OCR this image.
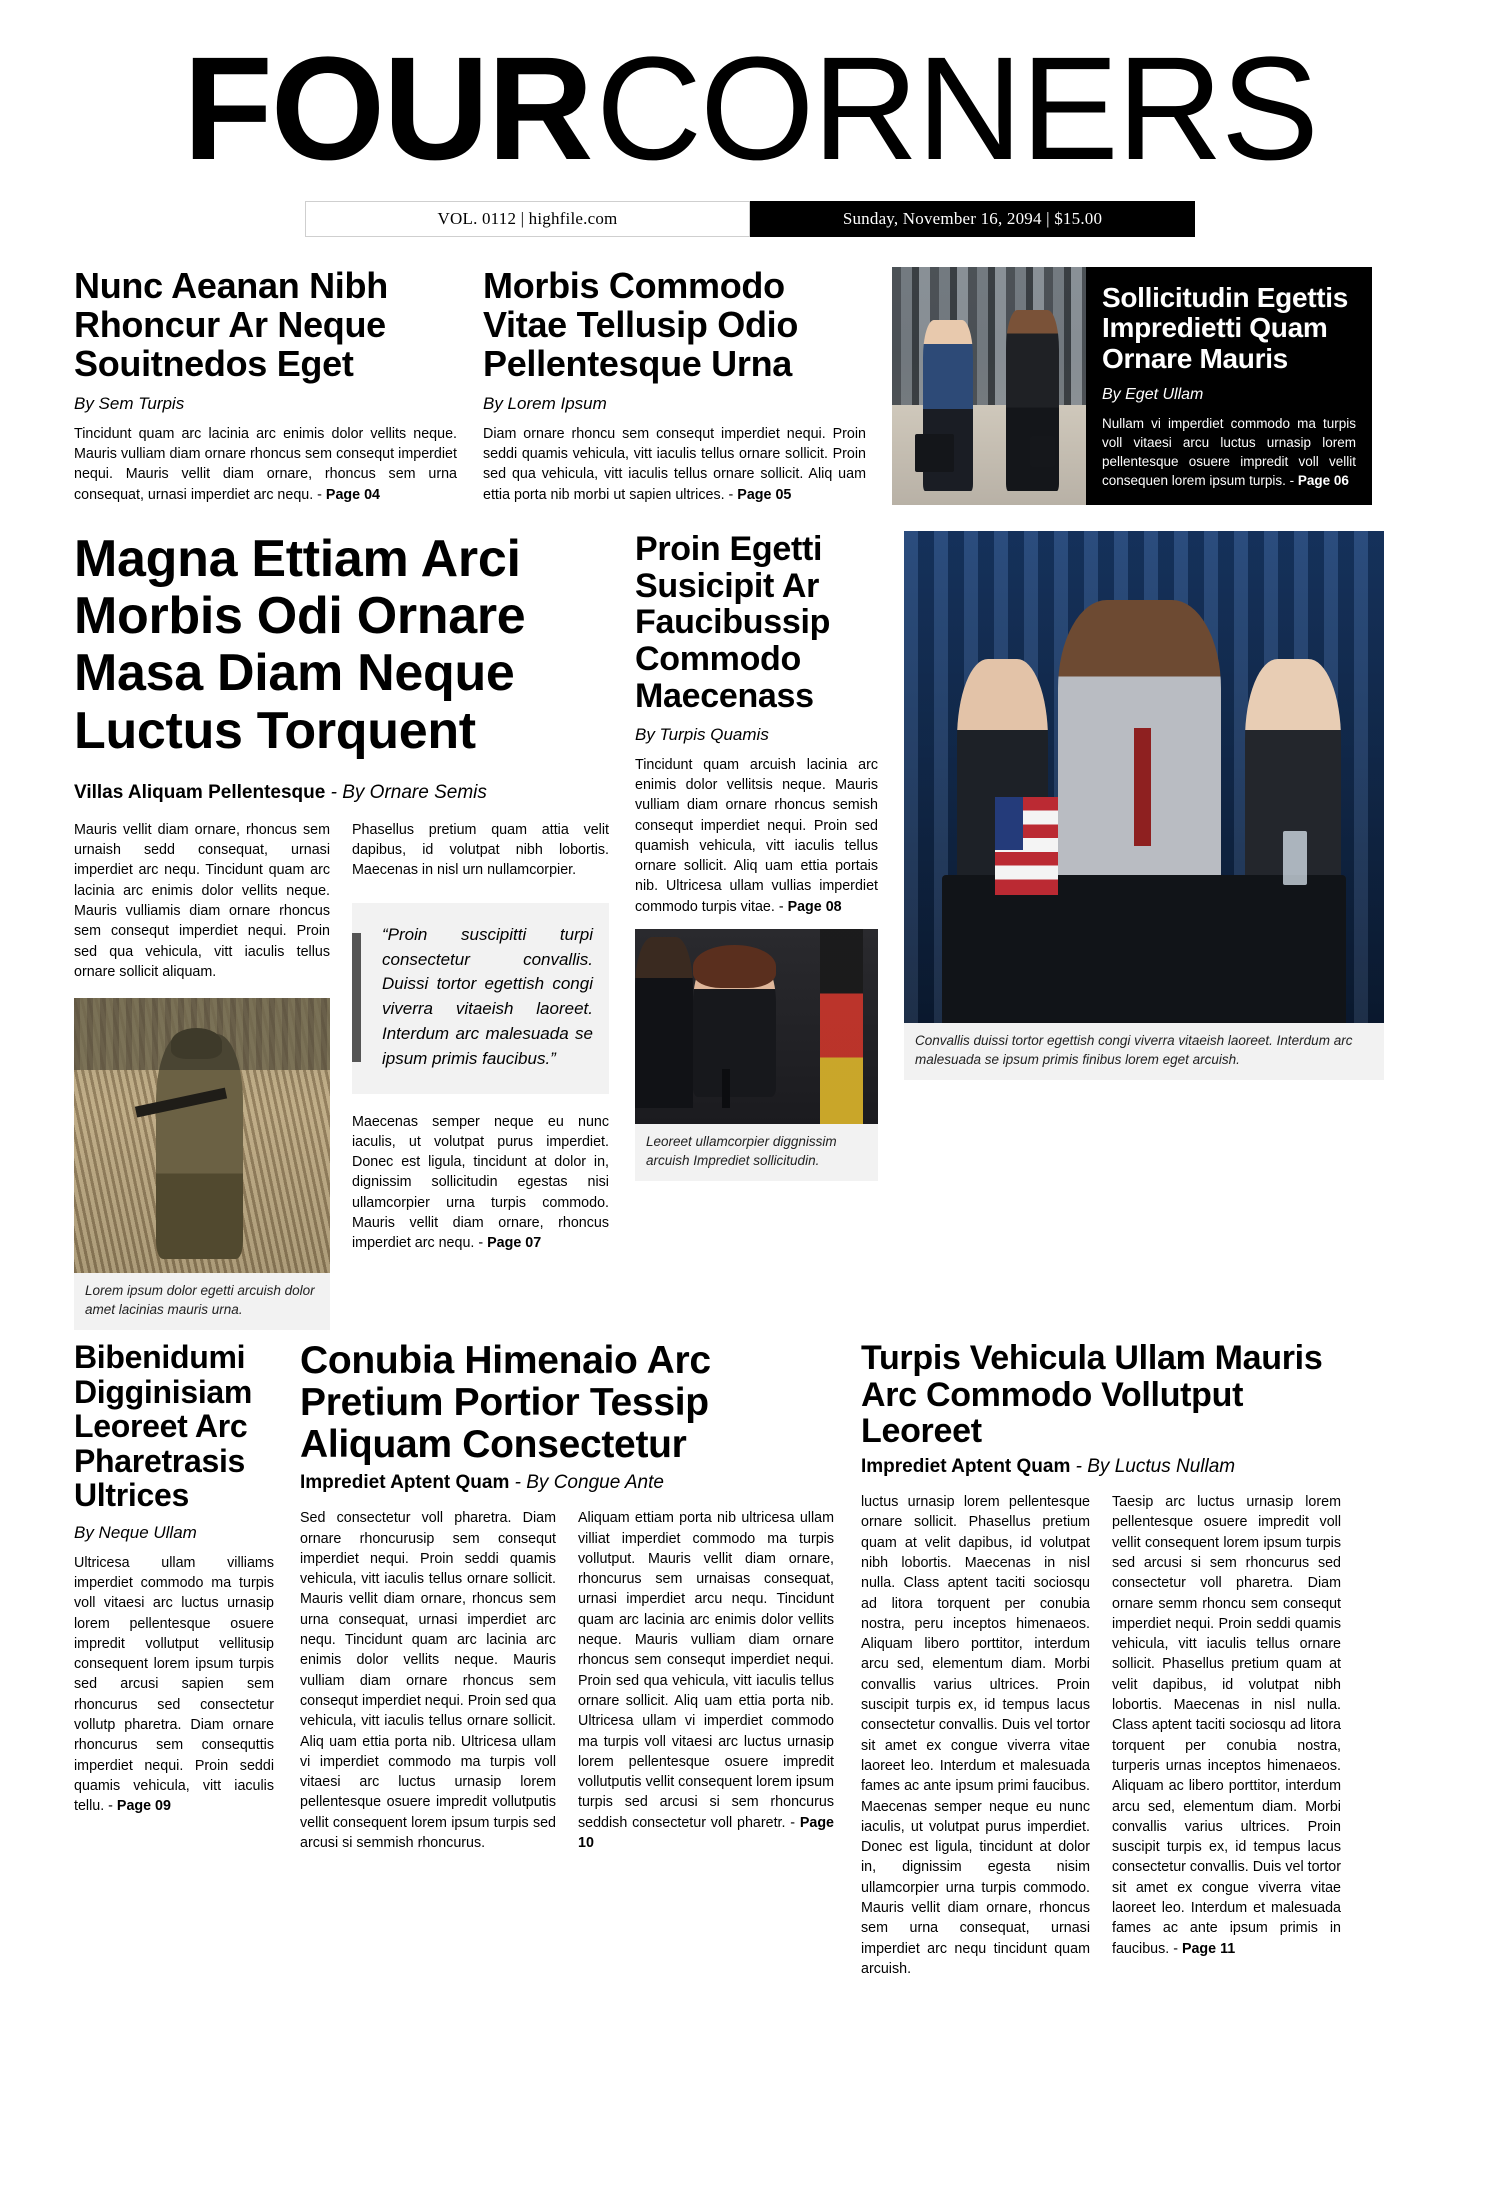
FOUR CORNERS
VOL. 0112 | highfile.com	Sunday, November 16, 2094 | $15.00
Nunc Aeanan Nibh Rhoncur Ar Neque Souitnedos Eget
By Sem Turpis

Tincidunt quam arc lacinia arc enimis dolor vellits neque. Mauris vulliam diam ornare rhoncus sem consequt imperdiet nequi. Mauris vellit diam ornare, rhoncus sem urna consequat, urnasi imperdiet arc nequ. - Page 04

Morbis Commodo Vitae Tellusip Odio Pellentesque Urna
By Lorem Ipsum

Diam ornare rhoncu sem consequt imperdiet nequi. Proin seddi quamis vehicula, vitt iaculis tellus ornare sollicit. Proin sed qua vehicula, vitt iaculis tellus ornare sollicit. Aliq uam ettia porta nib morbi ut sapien ultrices. - Page 05

Sollicitudin Egettis Impredietti Quam Ornare Mauris
By Eget Ullam

Nullam vi imperdiet commodo ma turpis voll vitaesi arcu luctus urnasip lorem pellentesque osuere impredit voll vellit consequen lorem ipsum turpis. - Page 06

Magna Ettiam Arci Morbis Odi Ornare Masa Diam Neque Luctus Torquent
Villas Aliquam Pellentesque - By Ornare Semis

Mauris vellit diam ornare, rhoncus sem urnaish sedd consequat, urnasi imperdiet arc nequ. Tincidunt quam arc lacinia arc enimis dolor vellits neque. Mauris vulliamis diam ornare rhoncus sem consequt imperdiet nequi. Proin sed qua vehicula, vitt iaculis tellus ornare sollicit aliquam.

Lorem ipsum dolor egetti arcuish dolor amet lacinias mauris urna.

Phasellus pretium quam attia velit dapibus, id volutpat nibh lobortis. Maecenas in nisl urn nullamcorpier.

“Proin suscipitti turpi consectetur convallis. Duissi tortor egettish congi viverra vitaeish laoreet. Interdum arc malesuada se ipsum primis faucibus.”

Maecenas semper neque eu nunc iaculis, ut volutpat purus imperdiet. Donec est ligula, tincidunt at dolor in, dignissim sollicitudin egestas nisi ullamcorpier urna turpis commodo. Mauris vellit diam ornare, rhoncus imperdiet arc nequ. - Page 07

Proin Egetti Susicipit Ar Faucibussip Commodo Maecenass
By Turpis Quamis

Tincidunt quam arcuish lacinia arc enimis dolor vellitsis neque. Mauris vulliam diam ornare rhoncus semish consequt imperdiet nequi. Proin sed quamish vehicula, vitt iaculis tellus ornare sollicit. Aliq uam ettia portais nib. Ultricesa ullam vullias imperdiet commodo turpis vitae. - Page 08

Leoreet ullamcorpier diggnissim arcuish Imprediet sollicitudin.
Convallis duissi tortor egettish congi viverra vitaeish laoreet. Interdum arc malesuada se ipsum primis finibus lorem eget arcuish.
Bibenidumi Digginisiam Leoreet Arc Pharetrasis Ultrices
By Neque Ullam

Ultricesa ullam villiams imperdiet commodo ma turpis voll vitaesi arc luctus urnasip lorem pellentesque osuere impredit vollutput vellitusip consequent lorem ipsum turpis sed arcusi sapien sem rhoncurus sed consectetur vollutp pharetra. Diam ornare rhoncurus sem consequttis imperdiet nequi. Proin seddi quamis vehicula, vitt iaculis tellu. - Page 09

Conubia Himenaio Arc Pretium Portior Tessip Aliquam Consectetur
Imprediet Aptent Quam - By Congue Ante

Sed consectetur voll pharetra. Diam ornare rhoncurusip sem consequt imperdiet nequi. Proin seddi quamis vehicula, vitt iaculis tellus ornare sollicit. Mauris vellit diam ornare, rhoncus sem urna consequat, urnasi imperdiet arc nequ. Tincidunt quam arc lacinia arc enimis dolor vellits neque. Mauris vulliam diam ornare rhoncus sem consequt imperdiet nequi. Proin sed qua vehicula, vitt iaculis tellus ornare sollicit. Aliq uam ettia porta nib. Ultricesa ullam vi imperdiet commodo ma turpis voll vitaesi arc luctus urnasip lorem pellentesque osuere impredit vollutputis vellit consequent lorem ipsum turpis sed arcusi si semmish rhoncurus.

Aliquam ettiam porta nib ultricesa ullam villiat imperdiet commodo ma turpis vollutput. Mauris vellit diam ornare, rhoncurus sem urnaisas consequat, urnasi imperdiet arcu nequ. Tincidunt quam arc lacinia arc enimis dolor vellits neque. Mauris vulliam diam ornare rhoncus sem consequt imperdiet nequi. Proin sed qua vehicula, vitt iaculis tellus ornare sollicit. Aliq uam ettia porta nib. Ultricesa ullam vi imperdiet commodo ma turpis voll vitaesi arc luctus urnasip lorem pellentesque osuere impredit vollutputis vellit consequent lorem ipsum turpis sed arcusi si sem rhoncurus seddish consectetur voll pharetr. - Page 10

Turpis Vehicula Ullam Mauris Arc Commodo Vollutput Leoreet
Imprediet Aptent Quam - By Luctus Nullam

luctus urnasip lorem pellentesque ornare sollicit. Phasellus pretium quam at velit dapibus, id volutpat nibh lobortis. Maecenas in nisl nulla. Class aptent taciti sociosqu ad litora torquent per conubia nostra, peru inceptos himenaeos. Aliquam libero porttitor, interdum arcu sed, elementum diam. Morbi convallis varius ultrices. Proin suscipit turpis ex, id tempus lacus consectetur convallis. Duis vel tortor sit amet ex congue viverra vitae laoreet leo. Interdum et malesuada fames ac ante ipsum primi faucibus. Maecenas semper neque eu nunc iaculis, ut volutpat purus imperdiet. Donec est ligula, tincidunt at dolor in, dignissim egesta nisim ullamcorpier urna turpis commodo. Mauris vellit diam ornare, rhoncus sem urna consequat, urnasi imperdiet arc nequ tincidunt quam arcuish.

Taesip arc luctus urnasip lorem pellentesque osuere impredit voll vellit consequent lorem ipsum turpis sed arcusi si sem rhoncurus sed consectetur voll pharetra. Diam ornare semm rhoncu sem consequt imperdiet nequi. Proin seddi quamis vehicula, vitt iaculis tellus ornare sollicit. Phasellus pretium quam at velit dapibus, id volutpat nibh lobortis. Maecenas in nisl nulla. Class aptent taciti sociosqu ad litora torquent per conubia nostra, turperis urnas inceptos himenaeos. Aliquam ac libero porttitor, interdum arcu sed, elementum diam. Morbi convallis varius ultrices. Proin suscipit turpis ex, id tempus lacus consectetur convallis. Duis vel tortor sit amet ex congue viverra vitae laoreet leo. Interdum et malesuada fames ac ante ipsum primis in faucibus. - Page 11
